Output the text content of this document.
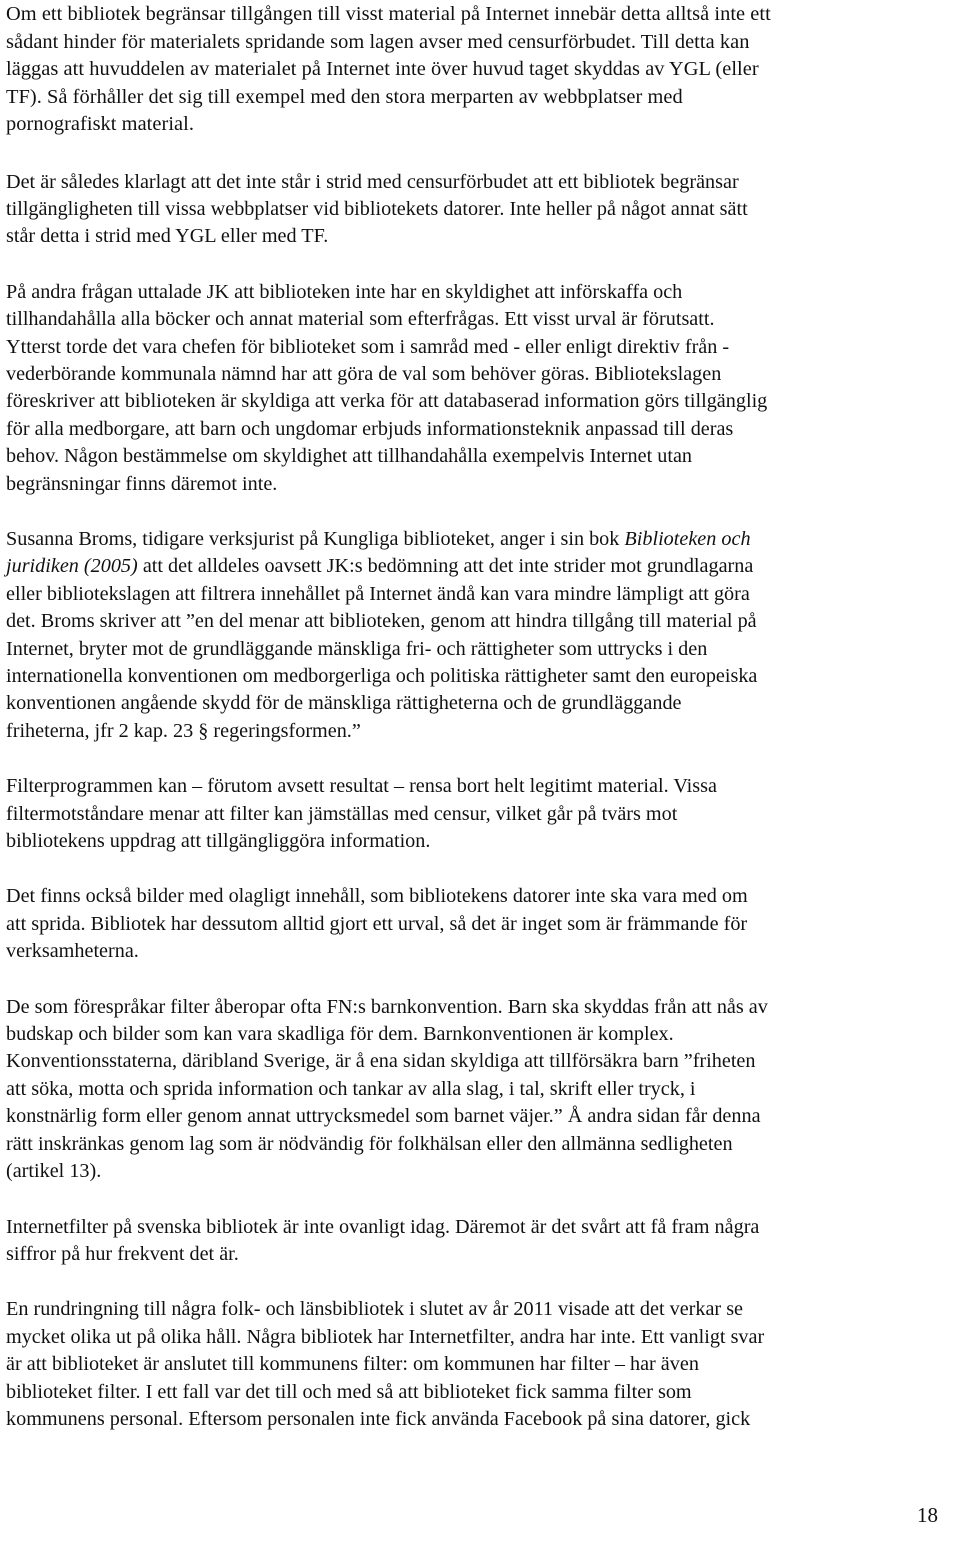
Om ett bibliotek begränsar tillgången till visst material på Internet innebär detta alltså inte ett
sådant hinder för materialets spridande som lagen avser med censurförbudet. Till detta kan
läggas att huvuddelen av materialet på Internet inte över huvud taget skyddas av YGL (eller
TF). Så förhåller det sig till exempel med den stora merparten av webbplatser med
pornografiskt material.

Det är således klarlagt att det inte står i strid med censurförbudet att ett bibliotek begränsar
tillgängligheten till vissa webbplatser vid bibliotekets datorer. Inte heller på något annat sätt
står detta i strid med YGL eller med TF.

På andra frågan uttalade JK att biblioteken inte har en skyldighet att införskaffa och
tillhandahålla alla böcker och annat material som efterfrågas. Ett visst urval är förutsatt.
Ytterst torde det vara chefen för biblioteket som i samråd med - eller enligt direktiv från -
vederbörande kommunala nämnd har att göra de val som behöver göras. Bibliotekslagen
föreskriver att biblioteken är skyldiga att verka för att databaserad information görs tillgänglig
för alla medborgare, att barn och ungdomar erbjuds informationsteknik anpassad till deras
behov. Någon bestämmelse om skyldighet att tillhandahålla exempelvis Internet utan
begränsningar finns däremot inte.

Susanna Broms, tidigare verksjurist på Kungliga biblioteket, anger i sin bok Biblioteken och
juridiken (2005) att det alldeles oavsett JK:s bedömning att det inte strider mot grundlagarna
eller bibliotekslagen att filtrera innehållet på Internet ändå kan vara mindre lämpligt att göra
det. Broms skriver att ”en del menar att biblioteken, genom att hindra tillgång till material på
Internet, bryter mot de grundläggande mänskliga fri- och rättigheter som uttrycks i den
internationella konventionen om medborgerliga och politiska rättigheter samt den europeiska
konventionen angående skydd för de mänskliga rättigheterna och de grundläggande
friheterna, jfr 2 kap. 23 § regeringsformen.”

Filterprogrammen kan – förutom avsett resultat – rensa bort helt legitimt material. Vissa
filtermotståndare menar att filter kan jämställas med censur, vilket går på tvärs mot
bibliotekens uppdrag att tillgängliggöra information.

Det finns också bilder med olagligt innehåll, som bibliotekens datorer inte ska vara med om
att sprida. Bibliotek har dessutom alltid gjort ett urval, så det är inget som är främmande för
verksamheterna.

De som förespråkar filter åberopar ofta FN:s barnkonvention. Barn ska skyddas från att nås av
budskap och bilder som kan vara skadliga för dem. Barnkonventionen är komplex.
Konventionsstaterna, däribland Sverige, är å ena sidan skyldiga att tillförsäkra barn ”friheten
att söka, motta och sprida information och tankar av alla slag, i tal, skrift eller tryck, i
konstnärlig form eller genom annat uttrycksmedel som barnet väjer.” Å andra sidan får denna
rätt inskränkas genom lag som är nödvändig för folkhälsan eller den allmänna sedligheten
(artikel 13).

Internetfilter på svenska bibliotek är inte ovanligt idag. Däremot är det svårt att få fram några
siffror på hur frekvent det är.

En rundringning till några folk- och länsbibliotek i slutet av år 2011 visade att det verkar se
mycket olika ut på olika håll. Några bibliotek har Internetfilter, andra har inte. Ett vanligt svar
är att biblioteket är anslutet till kommunens filter: om kommunen har filter – har även
biblioteket filter. I ett fall var det till och med så att biblioteket fick samma filter som
kommunens personal. Eftersom personalen inte fick använda Facebook på sina datorer, gick

18
